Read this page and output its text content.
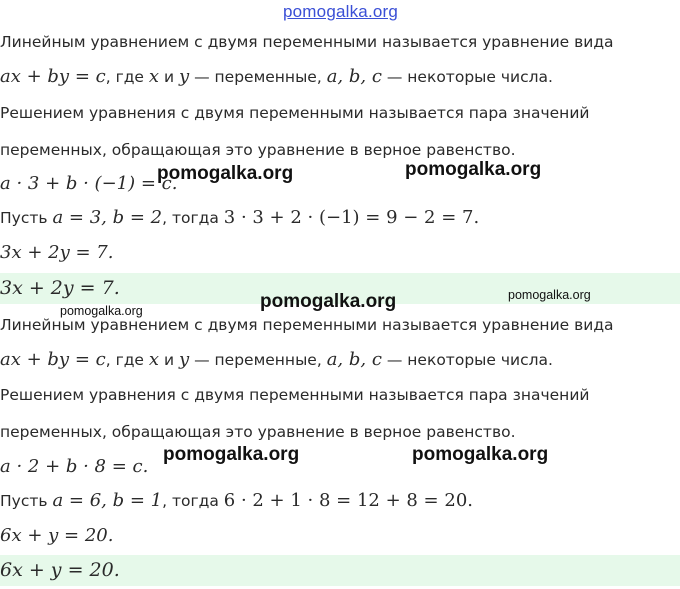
pomogalka.org
Линейным уравнением с двумя переменными называется уравнение вида
ax + by = c, где x и y — переменные, a, b, c — некоторые числа.
Решением уравнения с двумя переменными называется пара значений
переменных, обращающая это уравнение в верное равенство.
a · 3 + b · (−1) = c.
Пусть a = 3, b = 2, тогда 3 · 3 + 2 · (−1) = 9 − 2 = 7.
3x + 2y = 7.
3x + 2y = 7.
Линейным уравнением с двумя переменными называется уравнение вида
ax + by = c, где x и y — переменные, a, b, c — некоторые числа.
Решением уравнения с двумя переменными называется пара значений
переменных, обращающая это уравнение в верное равенство.
a · 2 + b · 8 = c.
Пусть a = 6, b = 1, тогда 6 · 2 + 1 · 8 = 12 + 8 = 20.
6x + y = 20.
6x + y = 20.
pomogalka.org	pomogalka.org
pomogalka.org	pomogalka.org
pomogalka.org
pomogalka.org	pomogalka.org
